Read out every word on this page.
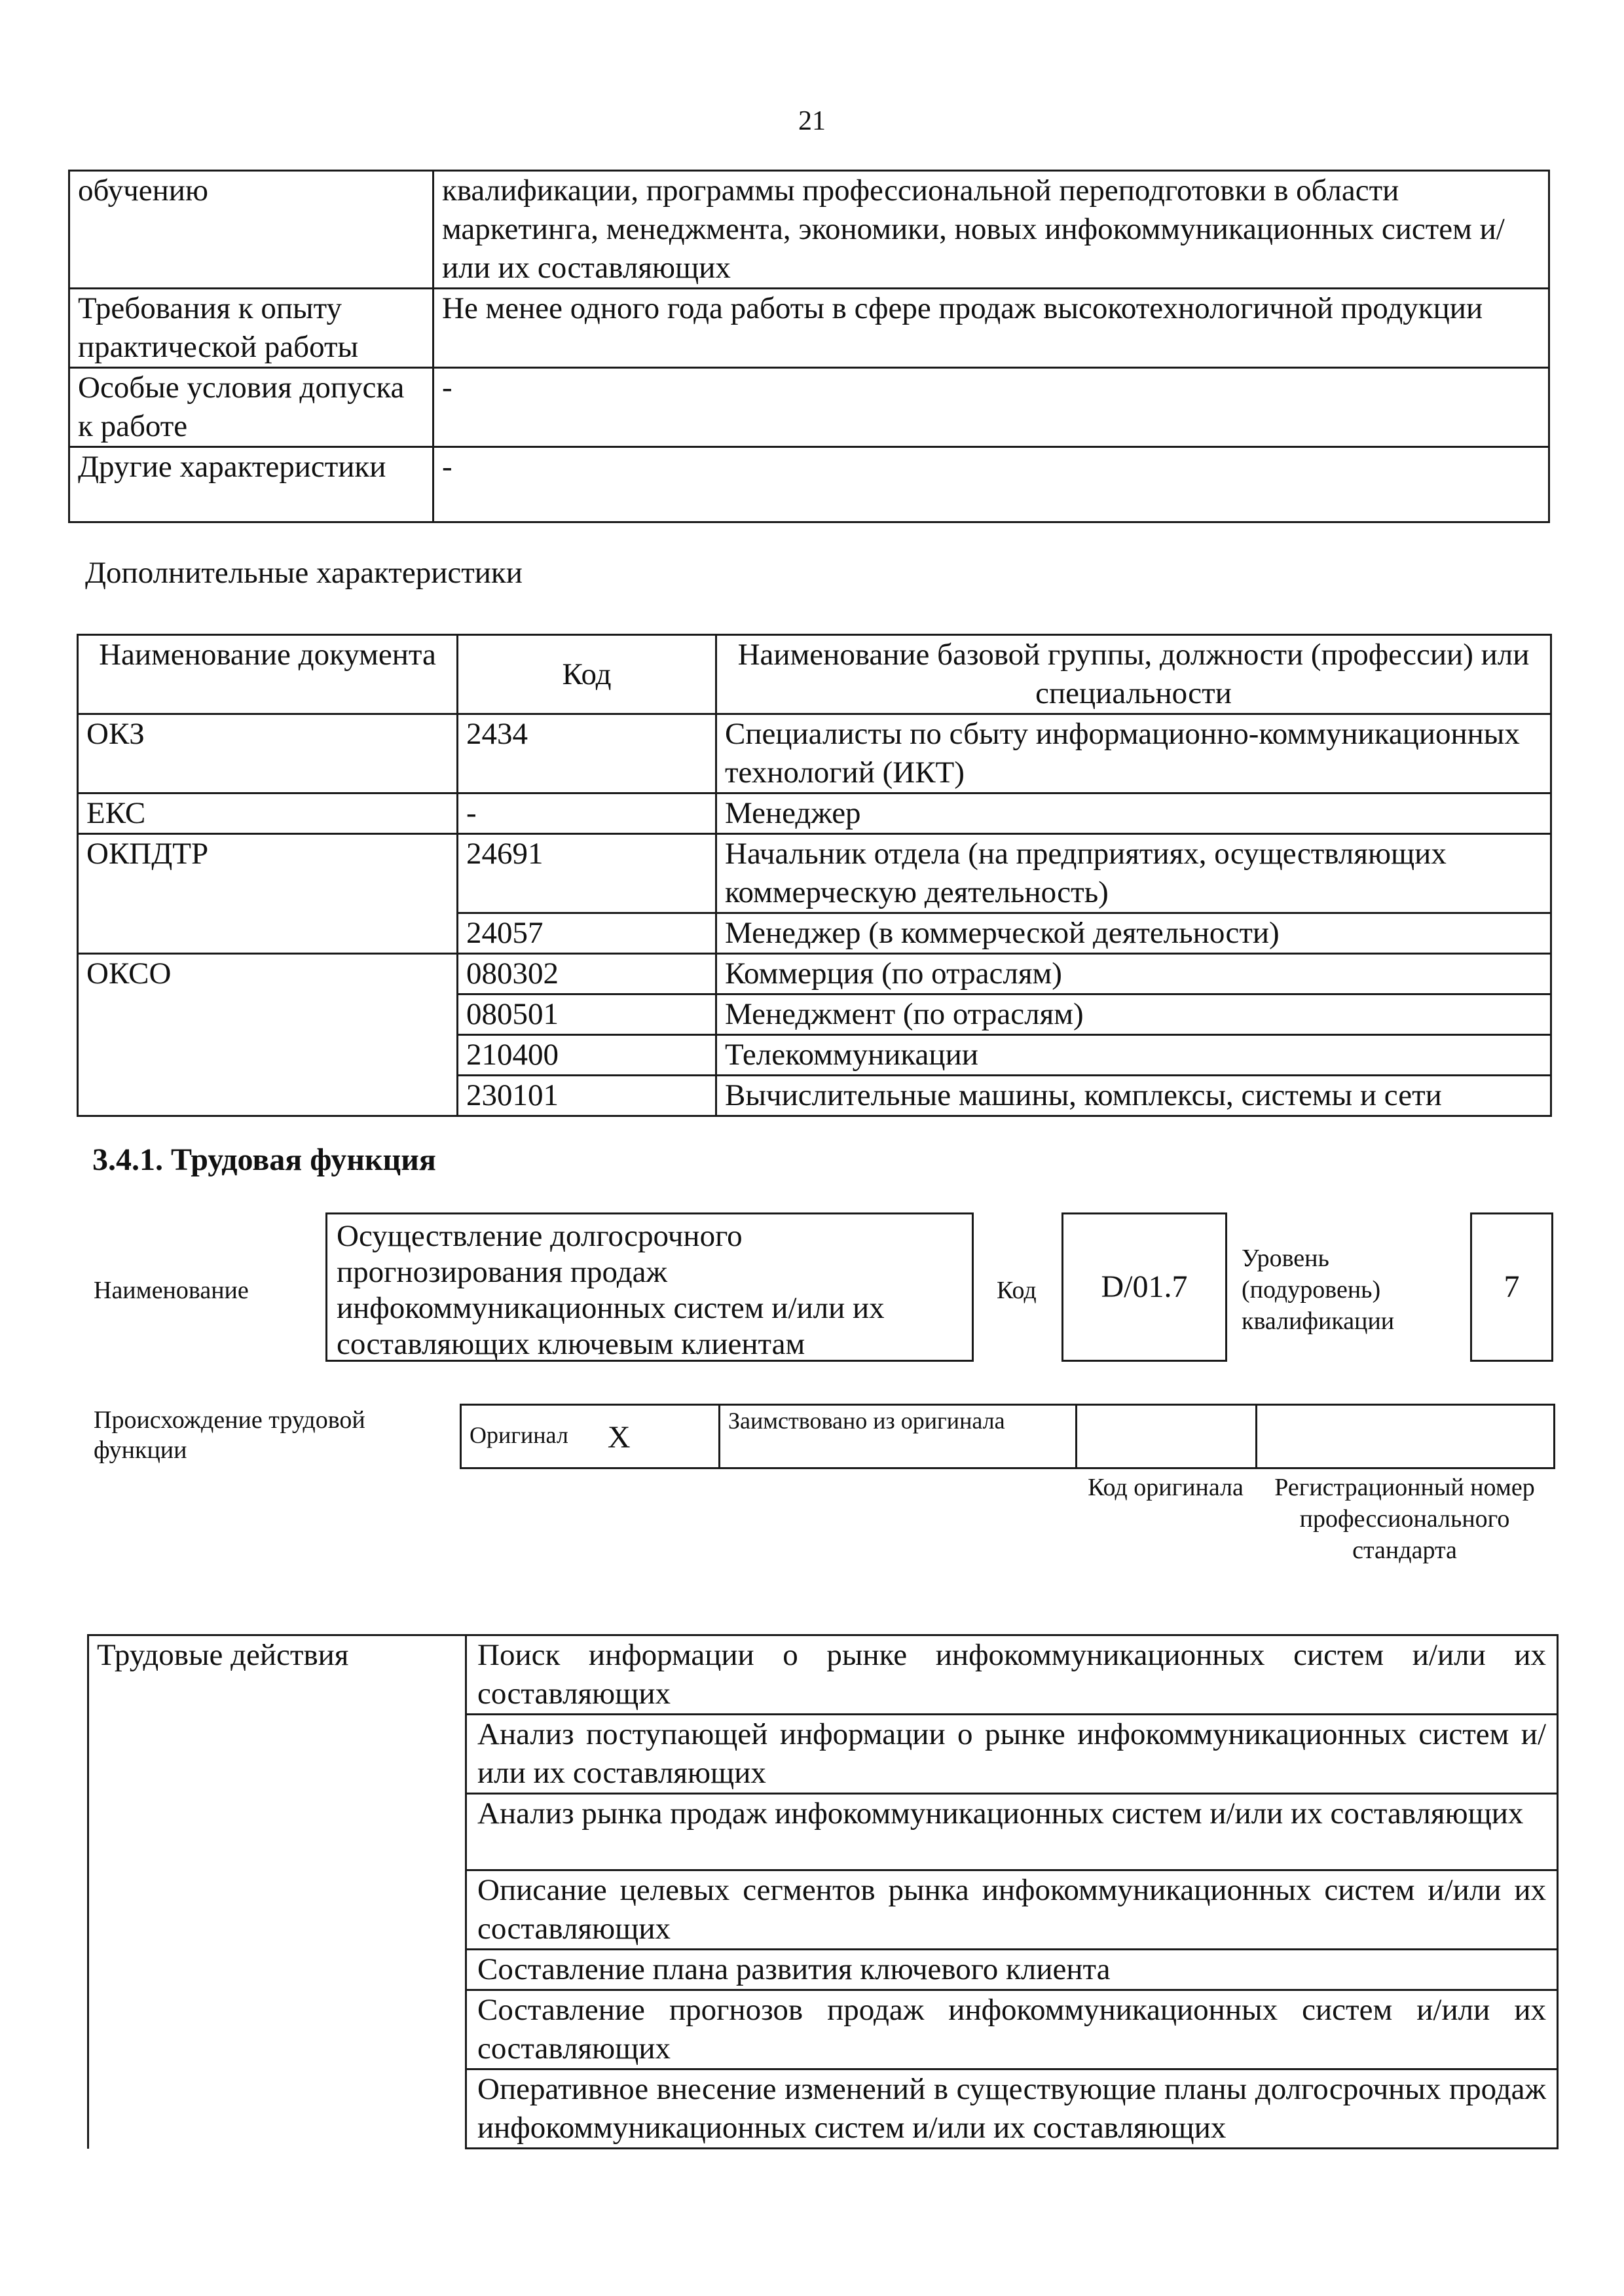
21
обучению	квалификации, программы профессиональной переподготовки в области маркетинга, менеджмента, экономики, новых инфокоммуникационных систем и/или их составляющих
Требования к опыту практической работы	Не менее одного года работы в сфере продаж высокотехнологичной продукции
Особые условия допуска к работе	-
Другие характеристики	-
Дополнительные характеристики
Наименование документа	Код	Наименование базовой группы, должности (профессии) или специальности
ОКЗ	2434	Специалисты по сбыту информационно-коммуникационных технологий (ИКТ)
ЕКС	-	Менеджер
ОКПДТР	24691	Начальник отдела (на предприятиях, осуществляющих коммерческую деятельность)
	24057	Менеджер (в коммерческой деятельности)
ОКСО	080302	Коммерция (по отраслям)
	080501	Менеджмент (по отраслям)
	210400	Телекоммуникации
	230101	Вычислительные машины, комплексы, системы и сети
3.4.1. Трудовая функция
Наименование
Осуществление долгосрочного прогнозирования продаж инфокоммуникационных систем и/или их составляющих ключевым клиентам
Код	D/01.7
Уровень (подуровень) квалификации
7
Происхождение трудовой функции
Оригинал X	Заимствовано из оригинала		
Код оригинала	Регистрационный номер профессионального стандарта
Трудовые действия	Поиск информации о рынке инфокоммуникационных систем и/или их составляющих
Анализ поступающей информации о рынке инфокоммуникационных систем и/или их составляющих
Анализ рынка продаж инфокоммуникационных систем и/или их составляющих
Описание целевых сегментов рынка инфокоммуникационных систем и/или их составляющих
Составление плана развития ключевого клиента
Составление прогнозов продаж инфокоммуникационных систем и/или их составляющих
Оперативное внесение изменений в существующие планы долгосрочных продаж инфокоммуникационных систем и/или их составляющих
